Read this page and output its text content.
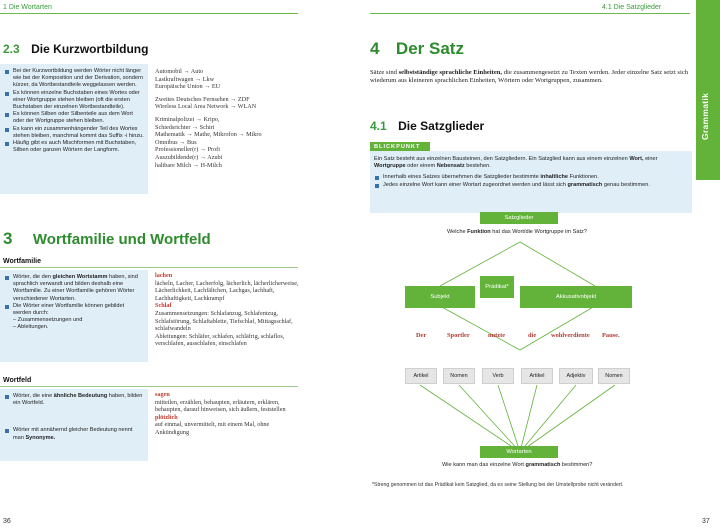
1 Die Wortarten
2.3 Die Kurzwortbildung
Bei der Kurzwortbildung werden Wörter nicht länger wie bei der Komposition und der Derivation, sondern kürzer, da Wortbestandteile weggelassen werden.
Es können einzelne Buchstaben eines Wortes oder einer Wortgruppe stehen bleiben (oft die ersten Buchstaben der einzelnen Wortbestandteile).
Es können Silben oder Silbenteile aus dem Wort oder der Wortgruppe stehen bleiben.
Es kann ein zusammenhängender Teil des Wortes stehen bleiben, manchmal kommt das Suffix -i hinzu.
Häufig gibt es auch Mischformen mit Buchstaben, Silben oder ganzen Wörtern der Langform.
Automobil → Auto
Lastkraftwagen → Lkw
Europäische Union → EU
Zweites Deutsches Fernsehen → ZDF
Wireless Local Area Network → WLAN
Kriminalpolizei → Kripo,
Schiedsrichter → Schiri
Mathematik → Mathe, Mikrofon → Mikro
Omnibus → Bus
Professioneller(r) → Profi
Auszubildende(r) → Azubi
haltbare Milch → H-Milch
3 Wortfamilie und Wortfeld
Wortfamilie
Wörter, die den gleichen Wortstamm haben, sind sprachlich verwandt und bilden deshalb eine Wortfamilie. Zu einer Wortfamilie gehören Wörter verschiedener Wortarten.
Die Wörter einer Wortfamilie können gebildet werden durch:
– Zusammensetzungen und
– Ableitungen.
lachen
lächeln, Lacher, Lacherfolg, lächerlich, lächerlicherweise, Lächerlichkeit, Lachfältchen, Lachgas, lachhaft, Lachhaftigkeit, Lachkrampf
Schlaf
Zusammensetzungen: Schlafanzug, Schlafentzug, Schlafstörung, Schlaftablette, Tiefschlaf, Mittagsschlaf, schlafwandeln
Ableitungen: Schläfer, schlafen, schläfrig, schlaflos, verschlafen, ausschlafen, einschlafen
Wortfeld
Wörter, die eine ähnliche Bedeutung haben, bilden ein Wortfeld.
Wörter mit annähernd gleicher Bedeutung nennt man Synonyme.
sagen
mitteilen, erzählen, behaupten, erläutern, erklären, behaupten, darauf hinweisen, sich äußern, feststellen
plötzlich
auf einmal, unvermittelt, mit einem Mal, ohne Ankündigung
36
4.1 Die Satzglieder
Grammatik
4 Der Satz
Sätze sind selbstständige sprachliche Einheiten, die zusammengesetzt zu Texten werden. Jeder einzelne Satz setzt sich wiederum aus kleineren sprachlichen Einheiten, Wörtern oder Wortgruppen, zusammen.
4.1 Die Satzglieder
BLICKPUNKT
Ein Satz besteht aus einzelnen Bausteinen, den Satzgliedern. Ein Satzglied kann aus einem einzelnen Wort, einer Wortgruppe oder einem Nebensatz bestehen.
Innerhalb eines Satzes übernehmen die Satzglieder bestimmte inhaltliche Funktionen.
Jedes einzelne Wort kann einer Wortart zugeordnet werden und lässt sich grammatisch genau bestimmen.
Satzglieder
Welche Funktion hat das Wort/die Wortgruppe im Satz?
Subjekt
Prädikat*
Akkusativobjekt
Der	Sportler	nutzte	die wohlverdiente Pause.
Artikel	Nomen	Verb	Artikel	Adjektiv	Nomen
Wortarten
Wie kann man das einzelne Wort grammatisch bestimmen?
*Streng genommen ist das Prädikat kein Satzglied, da es seine Stellung bei der Umstellprobe nicht verändert.
37
